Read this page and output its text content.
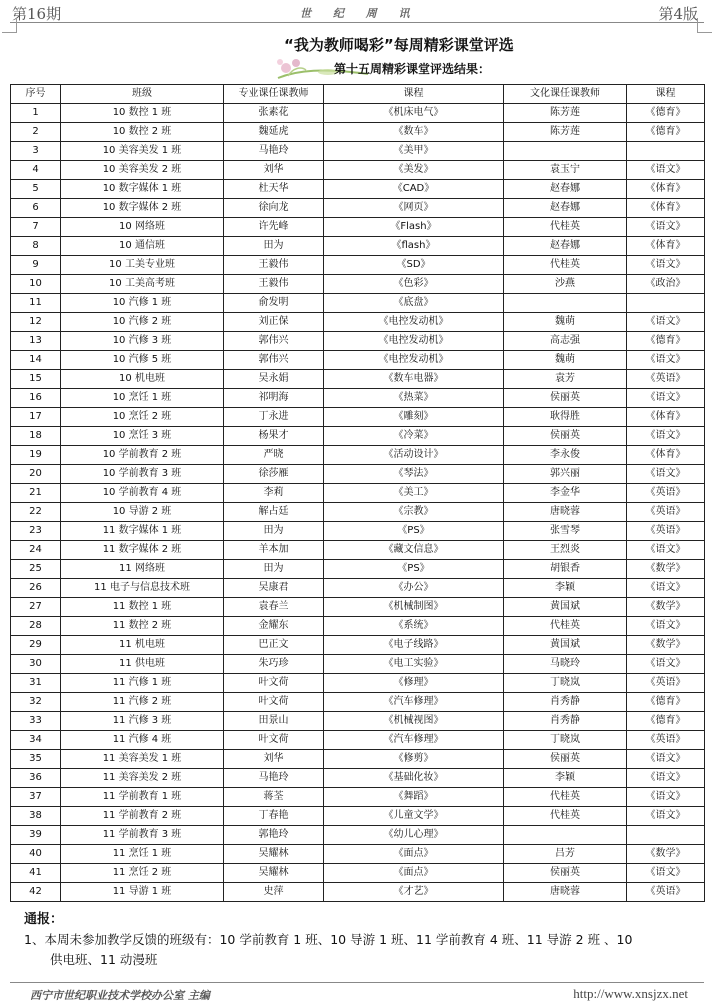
第16期	世 纪 周 讯	第4版
“我为教师喝彩”每周精彩课堂评选
第十五周精彩课堂评选结果：
序号	班级	专业课任课教师	课程	文化课任课教师	课程
1	10 数控 1 班	张素花	《机床电气》	陈芳莲	《德育》
2	10 数控 2 班	魏延虎	《数车》	陈芳莲	《德育》
3	10 美容美发 1 班	马艳玲	《美甲》		
4	10 美容美发 2 班	刘华	《美发》	袁玉宁	《语文》
5	10 数字媒体 1 班	杜天华	《CAD》	赵春娜	《体育》
6	10 数字媒体 2 班	徐向龙	《网页》	赵春娜	《体育》
7	10 网络班	许先峰	《Flash》	代桂英	《语文》
8	10 通信班	田为	《flash》	赵春娜	《体育》
9	10 工美专业班	王毅伟	《SD》	代桂英	《语文》
10	10 工美高考班	王毅伟	《色彩》	沙燕	《政治》
11	10 汽修 1 班	俞发明	《底盘》		
12	10 汽修 2 班	刘正保	《电控发动机》	魏萌	《语文》
13	10 汽修 3 班	郭伟兴	《电控发动机》	高志强	《德育》
14	10 汽修 5 班	郭伟兴	《电控发动机》	魏萌	《语文》
15	10 机电班	吴永娟	《数车电器》	袁芳	《英语》
16	10 烹饪 1 班	祁明海	《热菜》	侯丽英	《语文》
17	10 烹饪 2 班	丁永进	《雕刻》	耿得胜	《体育》
18	10 烹饪 3 班	杨果才	《冷菜》	侯丽英	《语文》
19	10 学前教育 2 班	严晓	《活动设计》	李永俊	《体育》
20	10 学前教育 3 班	徐莎雁	《琴法》	郭兴丽	《语文》
21	10 学前教育 4 班	李莉	《美工》	李金华	《英语》
22	10 导游 2 班	解占廷	《宗教》	唐晓蓉	《英语》
23	11 数字媒体 1 班	田为	《PS》	张雪琴	《英语》
24	11 数字媒体 2 班	羊本加	《藏文信息》	王烈炎	《语文》
25	11 网络班	田为	《PS》	胡银香	《数学》
26	11 电子与信息技术班	吴康君	《办公》	李颖	《语文》
27	11 数控 1 班	袁春兰	《机械制图》	黄国斌	《数学》
28	11 数控 2 班	金耀东	《系统》	代桂英	《语文》
29	11 机电班	巴正文	《电子线路》	黄国斌	《数学》
30	11 供电班	朱巧珍	《电工实验》	马晓玲	《语文》
31	11 汽修 1 班	叶文荷	《修理》	丁晓岚	《英语》
32	11 汽修 2 班	叶文荷	《汽车修理》	肖秀静	《德育》
33	11 汽修 3 班	田景山	《机械视图》	肖秀静	《德育》
34	11 汽修 4 班	叶文荷	《汽车修理》	丁晓岚	《英语》
35	11 美容美发 1 班	刘华	《修剪》	侯丽英	《语文》
36	11 美容美发 2 班	马艳玲	《基础化妆》	李颖	《语文》
37	11 学前教育 1 班	蒋荃	《舞蹈》	代桂英	《语文》
38	11 学前教育 2 班	丁春艳	《儿童文学》	代桂英	《语文》
39	11 学前教育 3 班	郭艳玲	《幼儿心理》		
40	11 烹饪 1 班	吴耀林	《面点》	吕芳	《数学》
41	11 烹饪 2 班	吴耀林	《面点》	侯丽英	《语文》
42	11 导游 1 班	史萍	《才艺》	唐晓蓉	《英语》
通报：
1、本周未参加教学反馈的班级有：10 学前教育 1 班、10 导游 1 班、11 学前教育 4 班、11 导游 2 班 、10
供电班、11 动漫班
西宁市世纪职业技术学校办公室 主编	http://www.xnsjzx.net
